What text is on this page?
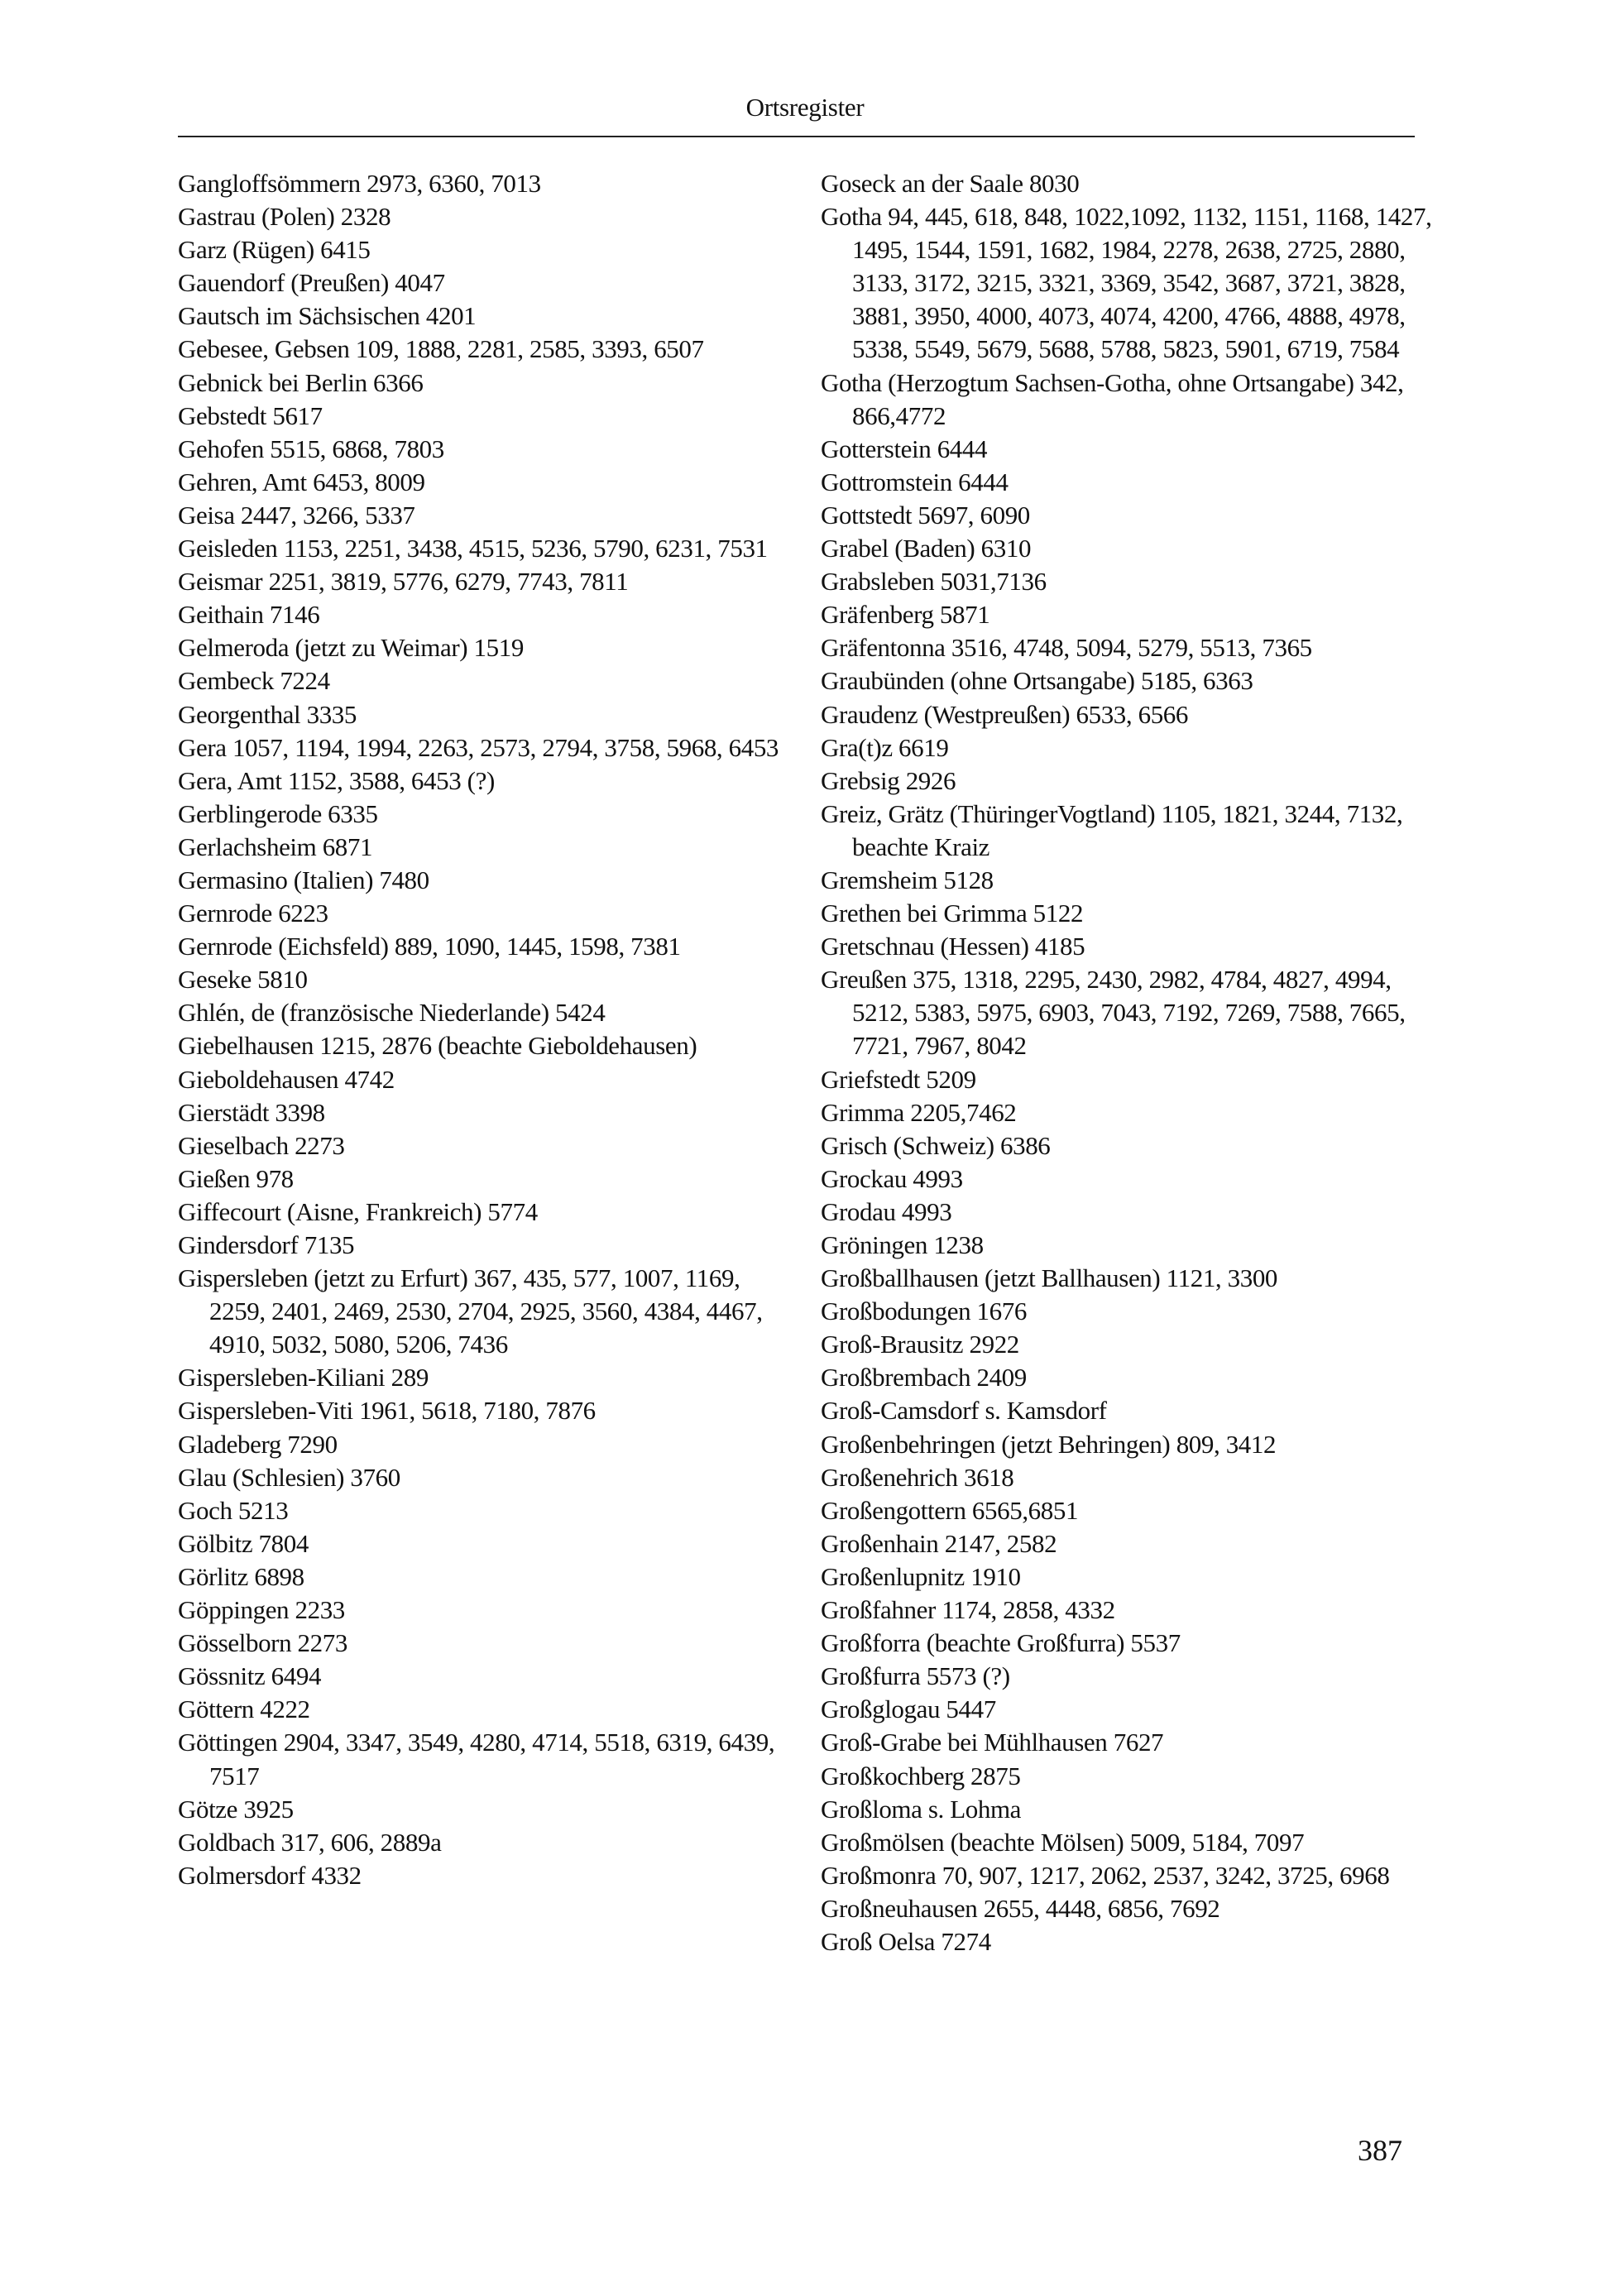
Ortsregister
Gangloffsömmern 2973, 6360, 7013
Gastrau (Polen) 2328
Garz (Rügen) 6415
Gauendorf (Preußen) 4047
Gautsch im Sächsischen 4201
Gebesee, Gebsen 109, 1888, 2281, 2585, 3393, 6507
Gebnick bei Berlin 6366
Gebstedt 5617
Gehofen 5515, 6868, 7803
Gehren, Amt 6453, 8009
Geisa 2447, 3266, 5337
Geisleden 1153, 2251, 3438, 4515, 5236, 5790, 6231, 7531
Geismar 2251, 3819, 5776, 6279, 7743, 7811
Geithain 7146
Gelmeroda (jetzt zu Weimar) 1519
Gembeck 7224
Georgenthal 3335
Gera 1057, 1194, 1994, 2263, 2573, 2794, 3758, 5968, 6453
Gera, Amt 1152, 3588, 6453 (?)
Gerblingerode 6335
Gerlachsheim 6871
Germasino (Italien) 7480
Gernrode 6223
Gernrode (Eichsfeld) 889, 1090, 1445, 1598, 7381
Geseke 5810
Ghlén, de (französische Niederlande) 5424
Giebelhausen 1215, 2876 (beachte Gieboldehausen)
Gieboldehausen 4742
Gierstädt 3398
Gieselbach 2273
Gießen 978
Giffecourt (Aisne, Frankreich) 5774
Gindersdorf 7135
Gispersleben (jetzt zu Erfurt) 367, 435, 577, 1007, 1169, 2259, 2401, 2469, 2530, 2704, 2925, 3560, 4384, 4467, 4910, 5032, 5080, 5206, 7436
Gispersleben-Kiliani 289
Gispersleben-Viti 1961, 5618, 7180, 7876
Gladeberg 7290
Glau (Schlesien) 3760
Goch 5213
Gölbitz 7804
Görlitz 6898
Göppingen 2233
Gösselborn 2273
Gössnitz 6494
Göttern 4222
Göttingen 2904, 3347, 3549, 4280, 4714, 5518, 6319, 6439, 7517
Götze 3925
Goldbach 317, 606, 2889a
Golmersdorf 4332
Goseck an der Saale 8030
Gotha 94, 445, 618, 848, 1022,1092, 1132, 1151, 1168, 1427, 1495, 1544, 1591, 1682, 1984, 2278, 2638, 2725, 2880, 3133, 3172, 3215, 3321, 3369, 3542, 3687, 3721, 3828, 3881, 3950, 4000, 4073, 4074, 4200, 4766, 4888, 4978, 5338, 5549, 5679, 5688, 5788, 5823, 5901, 6719, 7584
Gotha (Herzogtum Sachsen-Gotha, ohne Ortsangabe) 342, 866,4772
Gotterstein 6444
Gottromstein 6444
Gottstedt 5697, 6090
Grabel (Baden) 6310
Grabsleben 5031,7136
Gräfenberg 5871
Gräfentonna 3516, 4748, 5094, 5279, 5513, 7365
Graubünden (ohne Ortsangabe) 5185, 6363
Graudenz (Westpreußen) 6533, 6566
Gra(t)z 6619
Grebsig 2926
Greiz, Grätz (ThüringerVogtland) 1105, 1821, 3244, 7132, beachte Kraiz
Gremsheim 5128
Grethen bei Grimma 5122
Gretschnau (Hessen) 4185
Greußen 375, 1318, 2295, 2430, 2982, 4784, 4827, 4994, 5212, 5383, 5975, 6903, 7043, 7192, 7269, 7588, 7665, 7721, 7967, 8042
Griefstedt 5209
Grimma 2205,7462
Grisch (Schweiz) 6386
Grockau 4993
Grodau 4993
Gröningen 1238
Großballhausen (jetzt Ballhausen) 1121, 3300
Großbodungen 1676
Groß-Brausitz 2922
Großbrembach 2409
Groß-Camsdorf s. Kamsdorf
Großenbehringen (jetzt Behringen) 809, 3412
Großenehrich 3618
Großengottern 6565,6851
Großenhain 2147, 2582
Großenlupnitz 1910
Großfahner 1174, 2858, 4332
Großforra (beachte Großfurra) 5537
Großfurra 5573 (?)
Großglogau 5447
Groß-Grabe bei Mühlhausen 7627
Großkochberg 2875
Großloma s. Lohma
Großmölsen (beachte Mölsen) 5009, 5184, 7097
Großmonra 70, 907, 1217, 2062, 2537, 3242, 3725, 6968
Großneuhausen 2655, 4448, 6856, 7692
Groß Oelsa 7274
387
